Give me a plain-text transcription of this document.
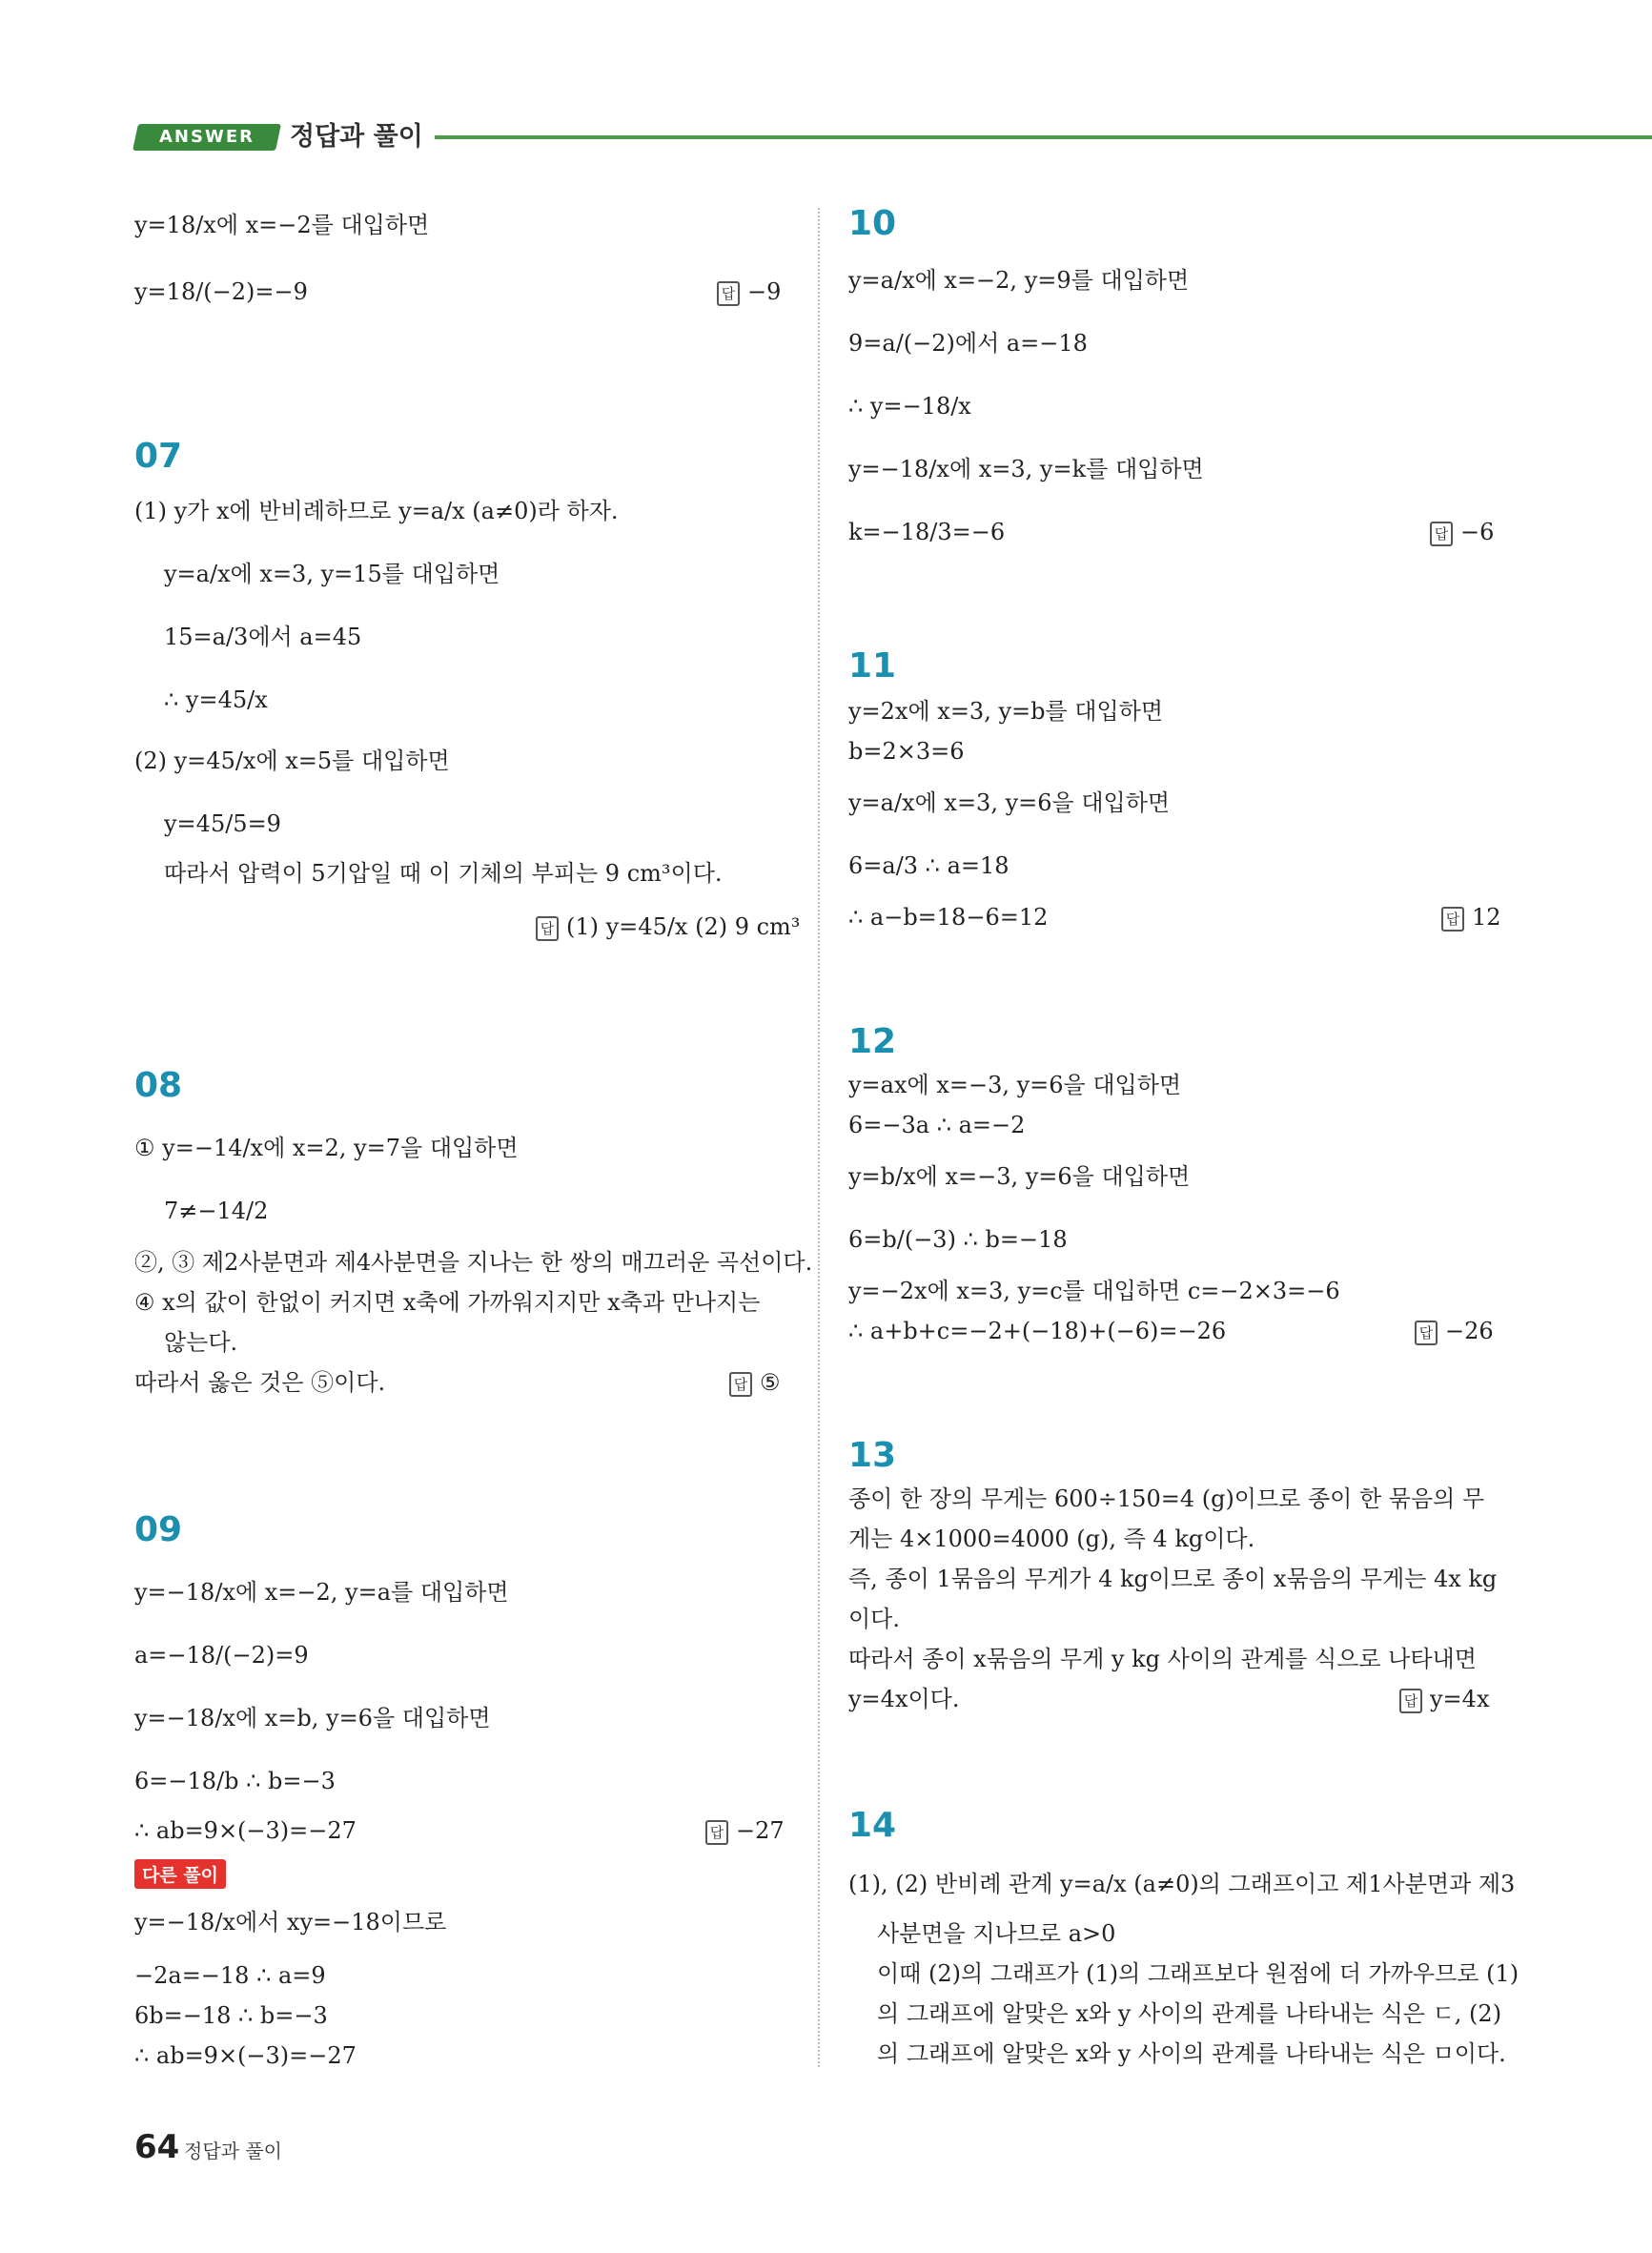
ANSWER	정답과 풀이
y=18/x에 x=−2를 대입하면
y=18/(−2)=−9	답 −9
07
(1) y가 x에 반비례하므로 y=a/x (a≠0)라 하자.
y=a/x에 x=3, y=15를 대입하면
15=a/3에서 a=45
∴ y=45/x
(2) y=45/x에 x=5를 대입하면
y=45/5=9
따라서 압력이 5기압일 때 이 기체의 부피는 9 cm³이다.
답 (1) y=45/x (2) 9 cm³
08
① y=−14/x에 x=2, y=7을 대입하면
7≠−14/2
②, ③ 제2사분면과 제4사분면을 지나는 한 쌍의 매끄러운 곡선이다.
④ x의 값이 한없이 커지면 x축에 가까워지지만 x축과 만나지는
않는다.
따라서 옳은 것은 ⑤이다.	답 ⑤
09
y=−18/x에 x=−2, y=a를 대입하면
a=−18/(−2)=9
y=−18/x에 x=b, y=6을 대입하면
6=−18/b ∴ b=−3
∴ ab=9×(−3)=−27	답 −27
다른 풀이
y=−18/x에서 xy=−18이므로
−2a=−18 ∴ a=9
6b=−18 ∴ b=−3
∴ ab=9×(−3)=−27
10
y=a/x에 x=−2, y=9를 대입하면
9=a/(−2)에서 a=−18
∴ y=−18/x
y=−18/x에 x=3, y=k를 대입하면
k=−18/3=−6	답 −6
11
y=2x에 x=3, y=b를 대입하면
b=2×3=6
y=a/x에 x=3, y=6을 대입하면
6=a/3 ∴ a=18
∴ a−b=18−6=12	답 12
12
y=ax에 x=−3, y=6을 대입하면
6=−3a ∴ a=−2
y=b/x에 x=−3, y=6을 대입하면
6=b/(−3) ∴ b=−18
y=−2x에 x=3, y=c를 대입하면 c=−2×3=−6
∴ a+b+c=−2+(−18)+(−6)=−26	답 −26
13
종이 한 장의 무게는 600÷150=4 (g)이므로 종이 한 묶음의 무
게는 4×1000=4000 (g), 즉 4 kg이다.
즉, 종이 1묶음의 무게가 4 kg이므로 종이 x묶음의 무게는 4x kg
이다.
따라서 종이 x묶음의 무게 y kg 사이의 관계를 식으로 나타내면
y=4x이다.	답 y=4x
14
(1), (2) 반비례 관계 y=a/x (a≠0)의 그래프이고 제1사분면과 제3
사분면을 지나므로 a>0
이때 (2)의 그래프가 (1)의 그래프보다 원점에 더 가까우므로 (1)
의 그래프에 알맞은 x와 y 사이의 관계를 나타내는 식은 ㄷ, (2)
의 그래프에 알맞은 x와 y 사이의 관계를 나타내는 식은 ㅁ이다.
64 정답과 풀이
